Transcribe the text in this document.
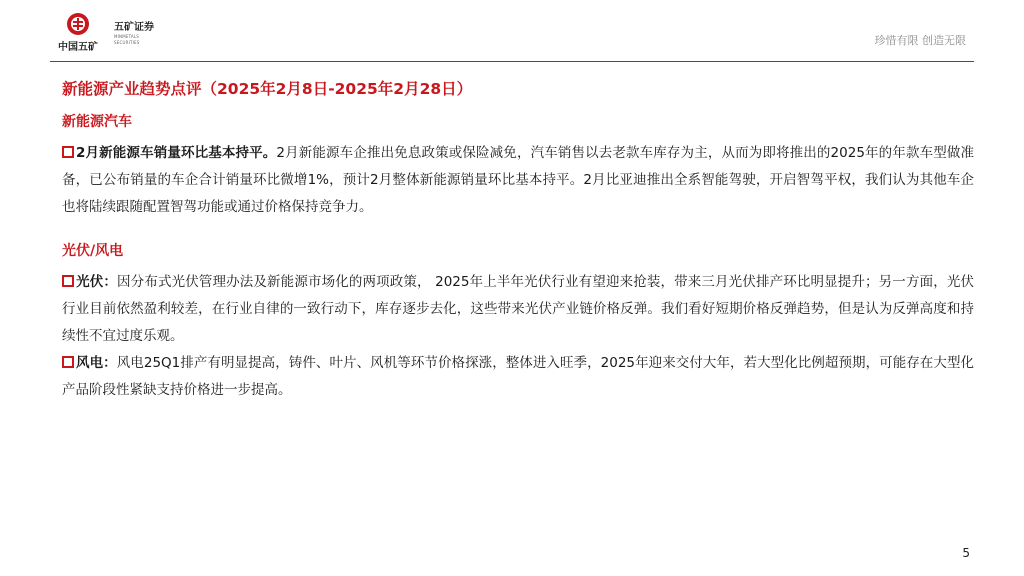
中国五矿
五矿证券
MINMETALS SECURITIES	珍惜有限 创造无限

新能源产业趋势点评（2025年2月8日-2025年2月28日）

新能源汽车

2月新能源车销量环比基本持平。2月新能源车企推出免息政策或保险减免，汽车销售以去老款车库存为主，从而为即将推出的2025年的年款车型做准备，已公布销量的车企合计销量环比微增1%，预计2月整体新能源销量环比基本持平。2月比亚迪推出全系智能驾驶，开启智驾平权，我们认为其他车企也将陆续跟随配置智驾功能或通过价格保持竞争力。

光伏/风电

光伏：因分布式光伏管理办法及新能源市场化的两项政策， 2025年上半年光伏行业有望迎来抢装，带来三月光伏排产环比明显提升；另一方面，光伏行业目前依然盈利较差，在行业自律的一致行动下，库存逐步去化，这些带来光伏产业链价格反弹。我们看好短期价格反弹趋势，但是认为反弹高度和持续性不宜过度乐观。

风电：风电25Q1排产有明显提高，铸件、叶片、风机等环节价格探涨，整体进入旺季，2025年迎来交付大年，若大型化比例超预期，可能存在大型化产品阶段性紧缺支持价格进一步提高。

5
